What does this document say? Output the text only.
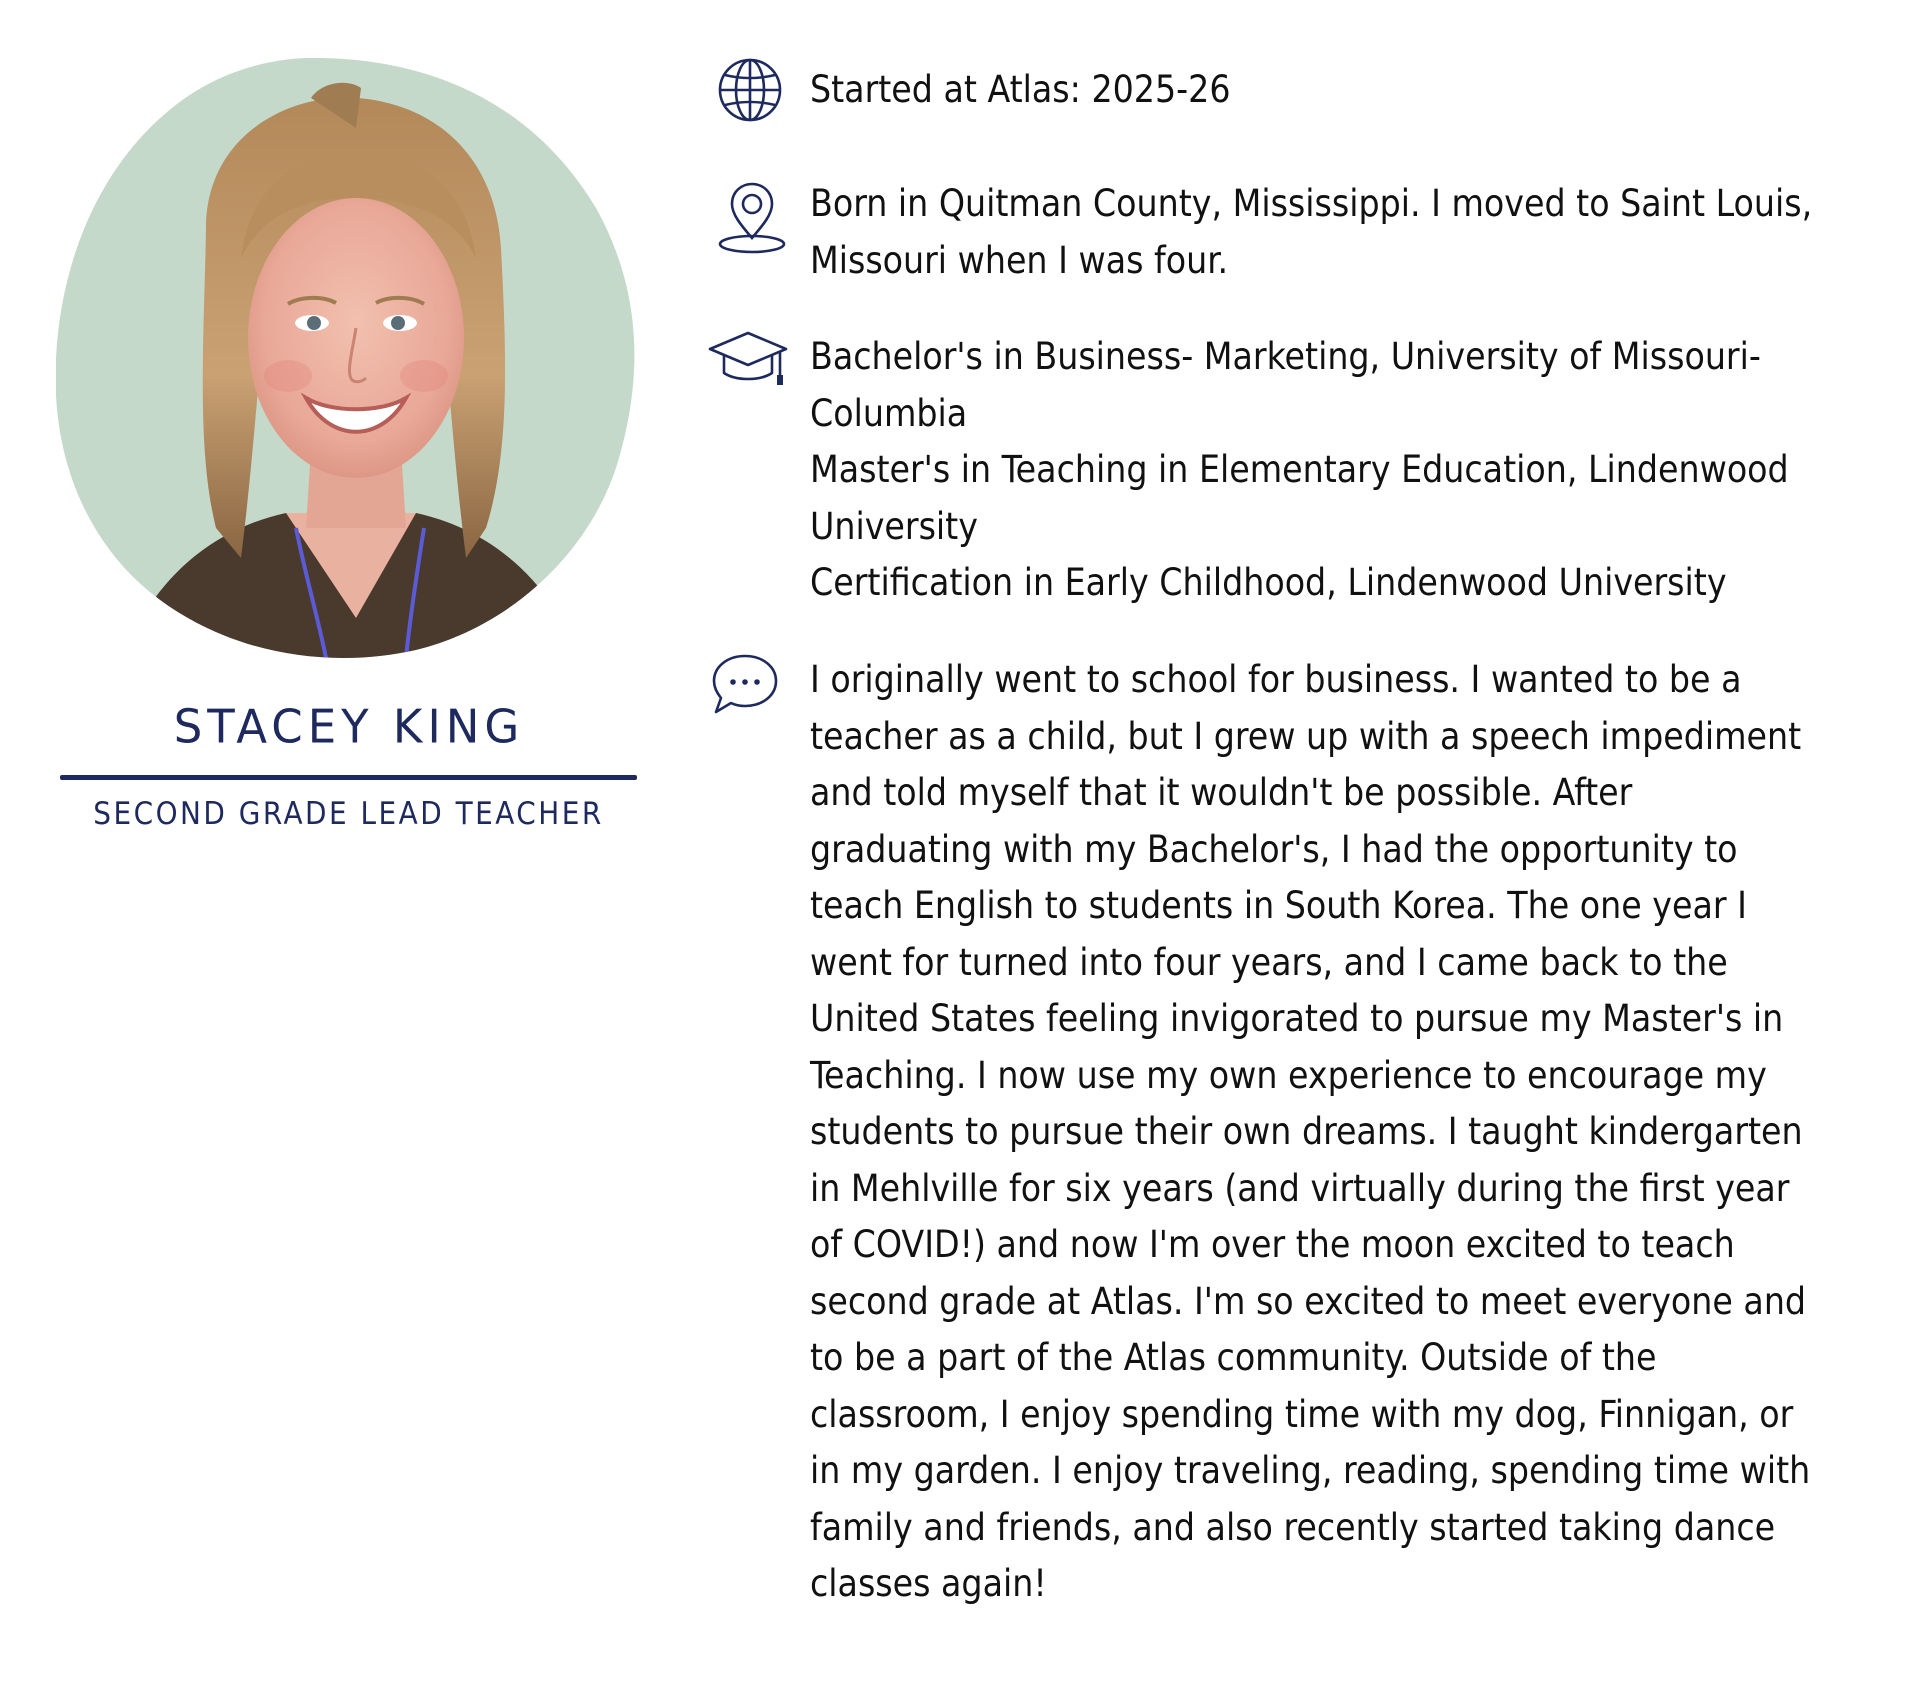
STACEY KING
SECOND GRADE LEAD TEACHER
Started at Atlas: 2025-26
Born in Quitman County, Mississippi. I moved to Saint Louis,
Missouri when I was four.
Bachelor's in Business- Marketing, University of Missouri-
Columbia
Master's in Teaching in Elementary Education, Lindenwood
University
Certification in Early Childhood, Lindenwood University
I originally went to school for business. I wanted to be a
teacher as a child, but I grew up with a speech impediment
and told myself that it wouldn't be possible. After
graduating with my Bachelor's, I had the opportunity to
teach English to students in South Korea. The one year I
went for turned into four years, and I came back to the
United States feeling invigorated to pursue my Master's in
Teaching. I now use my own experience to encourage my
students to pursue their own dreams. I taught kindergarten
in Mehlville for six years (and virtually during the first year
of COVID!) and now I'm over the moon excited to teach
second grade at Atlas. I'm so excited to meet everyone and
to be a part of the Atlas community. Outside of the
classroom, I enjoy spending time with my dog, Finnigan, or
in my garden. I enjoy traveling, reading, spending time with
family and friends, and also recently started taking dance
classes again!
